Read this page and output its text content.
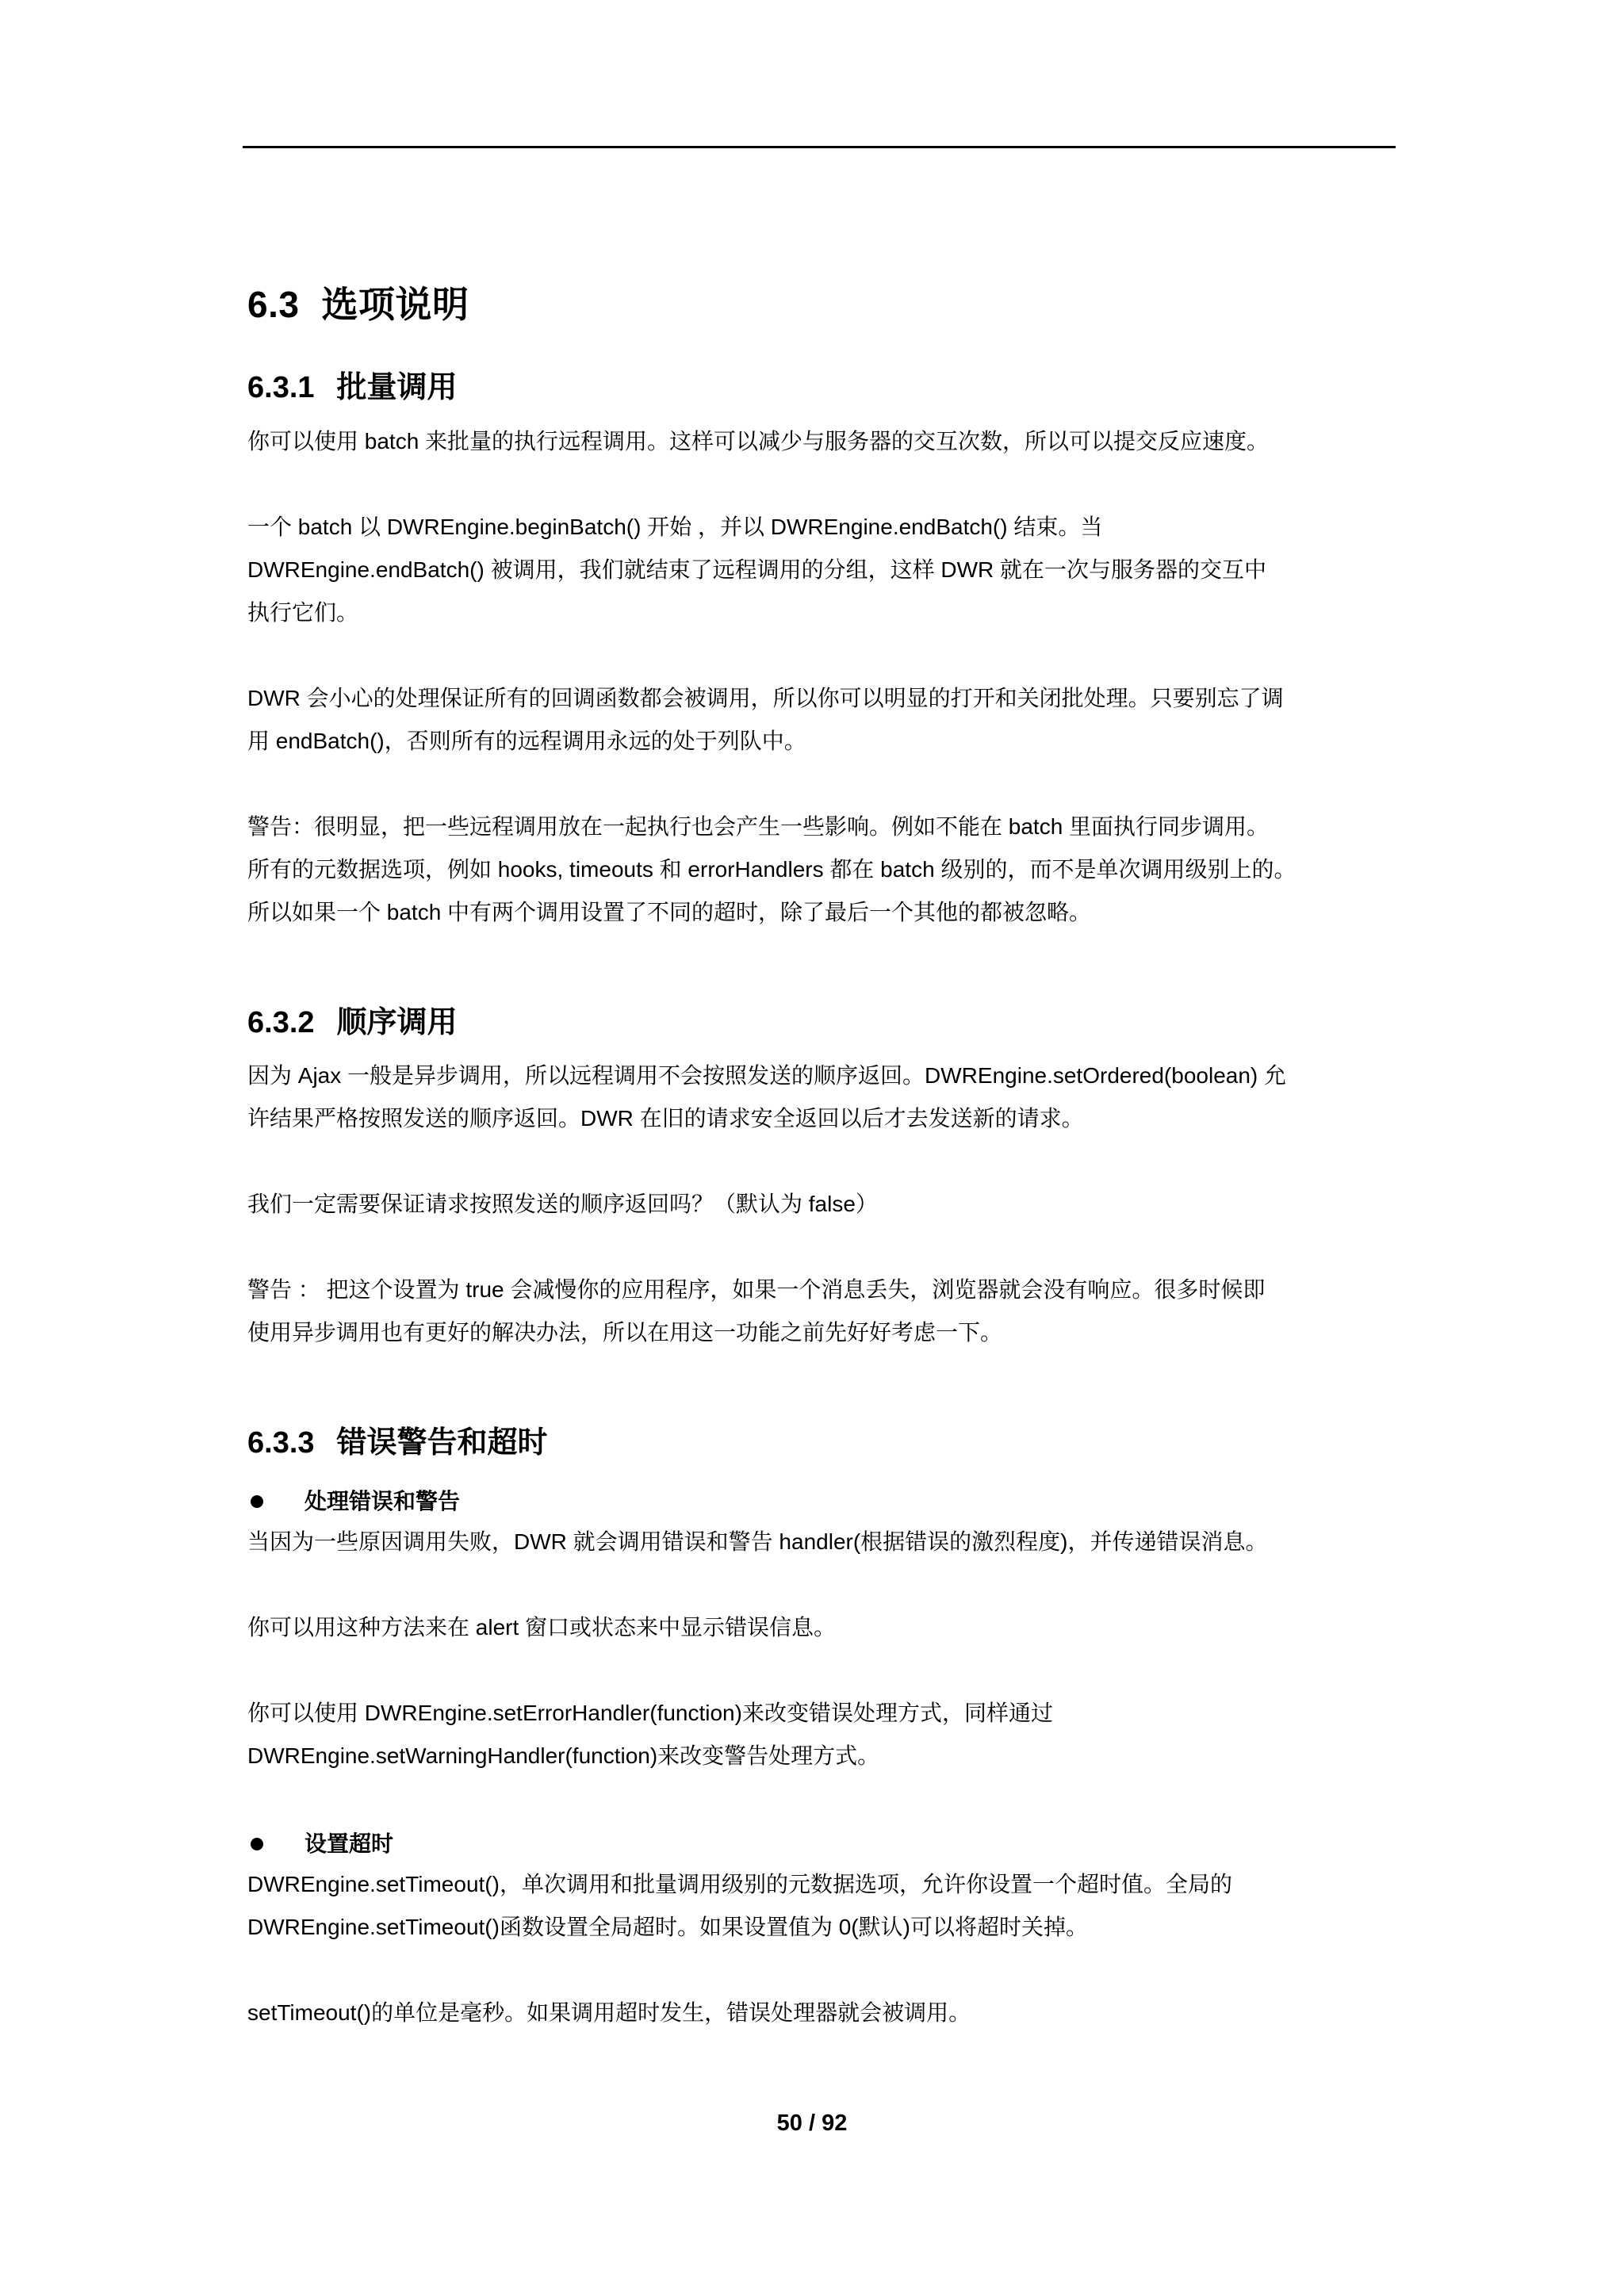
6.3 选项说明
6.3.1 批量调用
你可以使用 batch 来批量的执行远程调用。这样可以减少与服务器的交互次数，所以可以提交反应速度。
一个 batch 以 DWREngine.beginBatch() 开始 ，并以 DWREngine.endBatch() 结束。当
DWREngine.endBatch() 被调用，我们就结束了远程调用的分组，这样 DWR 就在一次与服务器的交互中
执行它们。
DWR 会小心的处理保证所有的回调函数都会被调用，所以你可以明显的打开和关闭批处理。只要别忘了调
用 endBatch()，否则所有的远程调用永远的处于列队中。
警告：很明显，把一些远程调用放在一起执行也会产生一些影响。例如不能在 batch 里面执行同步调用。
所有的元数据选项，例如 hooks, timeouts 和 errorHandlers 都在 batch 级别的，而不是单次调用级别上的。
所以如果一个 batch 中有两个调用设置了不同的超时，除了最后一个其他的都被忽略。
6.3.2 顺序调用
因为 Ajax 一般是异步调用，所以远程调用不会按照发送的顺序返回。DWREngine.setOrdered(boolean) 允
许结果严格按照发送的顺序返回。DWR 在旧的请求安全返回以后才去发送新的请求。
我们一定需要保证请求按照发送的顺序返回吗？（默认为 false）
警告 ： 把这个设置为 true 会减慢你的应用程序，如果一个消息丢失，浏览器就会没有响应。很多时候即
使用异步调用也有更好的解决办法，所以在用这一功能之前先好好考虑一下。
6.3.3 错误警告和超时
处理错误和警告
当因为一些原因调用失败，DWR 就会调用错误和警告 handler(根据错误的激烈程度)，并传递错误消息。
你可以用这种方法来在 alert 窗口或状态来中显示错误信息。
你可以使用 DWREngine.setErrorHandler(function)来改变错误处理方式，同样通过
DWREngine.setWarningHandler(function)来改变警告处理方式。
设置超时
DWREngine.setTimeout()，单次调用和批量调用级别的元数据选项，允许你设置一个超时值。全局的
DWREngine.setTimeout()函数设置全局超时。如果设置值为 0(默认)可以将超时关掉。
setTimeout()的单位是毫秒。如果调用超时发生，错误处理器就会被调用。
50 / 92
